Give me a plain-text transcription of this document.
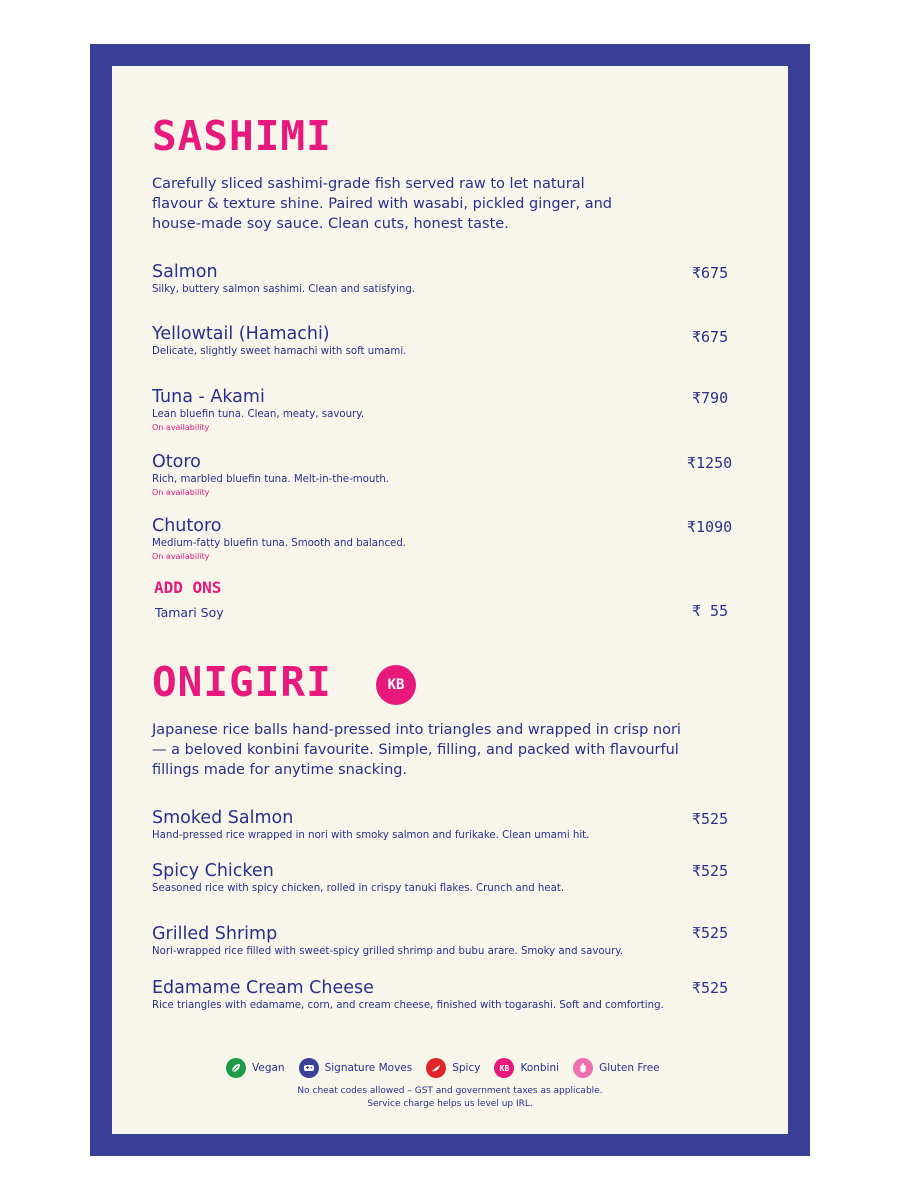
SASHIMI

Carefully sliced sashimi-grade fish served raw to let natural flavour & texture shine. Paired with wasabi, pickled ginger, and house-made soy sauce. Clean cuts, honest taste.

Salmon
Silky, buttery salmon sashimi. Clean and satisfying.
₹675
Yellowtail (Hamachi)
Delicate, slightly sweet hamachi with soft umami.
₹675
Tuna - Akami
Lean bluefin tuna. Clean, meaty, savoury.
On availability
₹790
Otoro
Rich, marbled bluefin tuna. Melt-in-the-mouth.
On availability
₹1250
Chutoro
Medium-fatty bluefin tuna. Smooth and balanced.
On availability
₹1090
ADD ONS
Tamari Soy	₹ 55
ONIGIRI	KB

Japanese rice balls hand-pressed into triangles and wrapped in crisp nori — a beloved konbini favourite. Simple, filling, and packed with flavourful fillings made for anytime snacking.

Smoked Salmon
Hand-pressed rice wrapped in nori with smoky salmon and furikake. Clean umami hit.
₹525
Spicy Chicken
Seasoned rice with spicy chicken, rolled in crispy tanuki flakes. Crunch and heat.
₹525
Grilled Shrimp
Nori-wrapped rice filled with sweet-spicy grilled shrimp and bubu arare. Smoky and savoury.
₹525
Edamame Cream Cheese
Rice triangles with edamame, corn, and cream cheese, finished with togarashi. Soft and comforting.
₹525
Vegan	Signature Moves	Spicy	KB	Konbini	Gluten Free

No cheat codes allowed – GST and government taxes as applicable.

Service charge helps us level up IRL.
